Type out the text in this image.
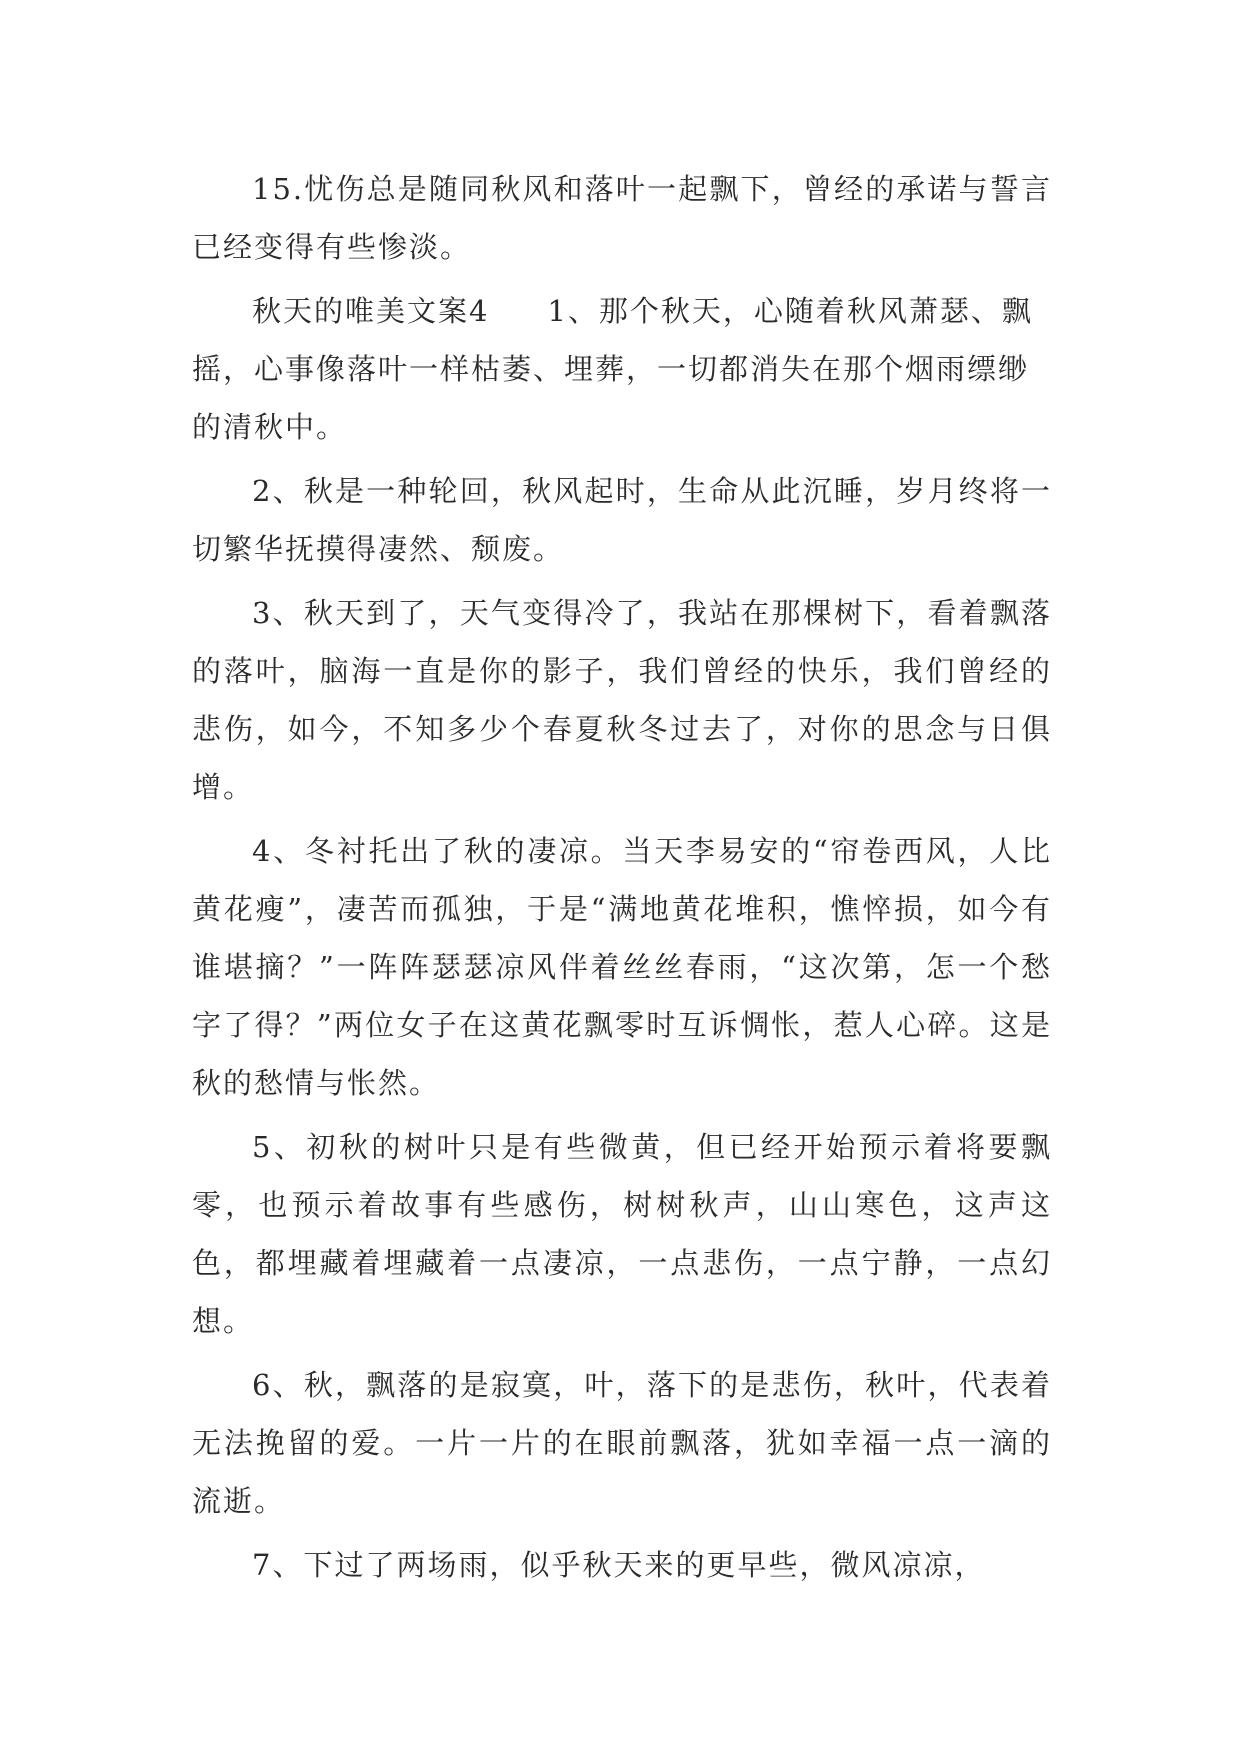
15.忧伤总是随同秋风和落叶一起飘下，曾经的承诺与誓言已经变得有些惨淡。

秋天的唯美文案4 1、那个秋天，心随着秋风萧瑟、飘摇，心事像落叶一样枯萎、埋葬，一切都消失在那个烟雨缥缈的清秋中。

2、秋是一种轮回，秋风起时，生命从此沉睡，岁月终将一切繁华抚摸得凄然、颓废。

3、秋天到了，天气变得冷了，我站在那棵树下，看着飘落的落叶，脑海一直是你的影子，我们曾经的快乐，我们曾经的悲伤，如今，不知多少个春夏秋冬过去了，对你的思念与日俱增。

4、冬衬托出了秋的凄凉。当天李易安的“帘卷西风，人比黄花瘦”，凄苦而孤独，于是“满地黄花堆积，憔悴损，如今有谁堪摘？”一阵阵瑟瑟凉风伴着丝丝春雨，“这次第，怎一个愁字了得？”两位女子在这黄花飘零时互诉惆怅，惹人心碎。这是秋的愁情与怅然。

5、初秋的树叶只是有些微黄，但已经开始预示着将要飘零，也预示着故事有些感伤，树树秋声，山山寒色，这声这色，都埋藏着埋藏着一点凄凉，一点悲伤，一点宁静，一点幻想。

6、秋，飘落的是寂寞，叶，落下的是悲伤，秋叶，代表着无法挽留的爱。一片一片的在眼前飘落，犹如幸福一点一滴的流逝。

7、下过了两场雨，似乎秋天来的更早些，微风凉凉，
